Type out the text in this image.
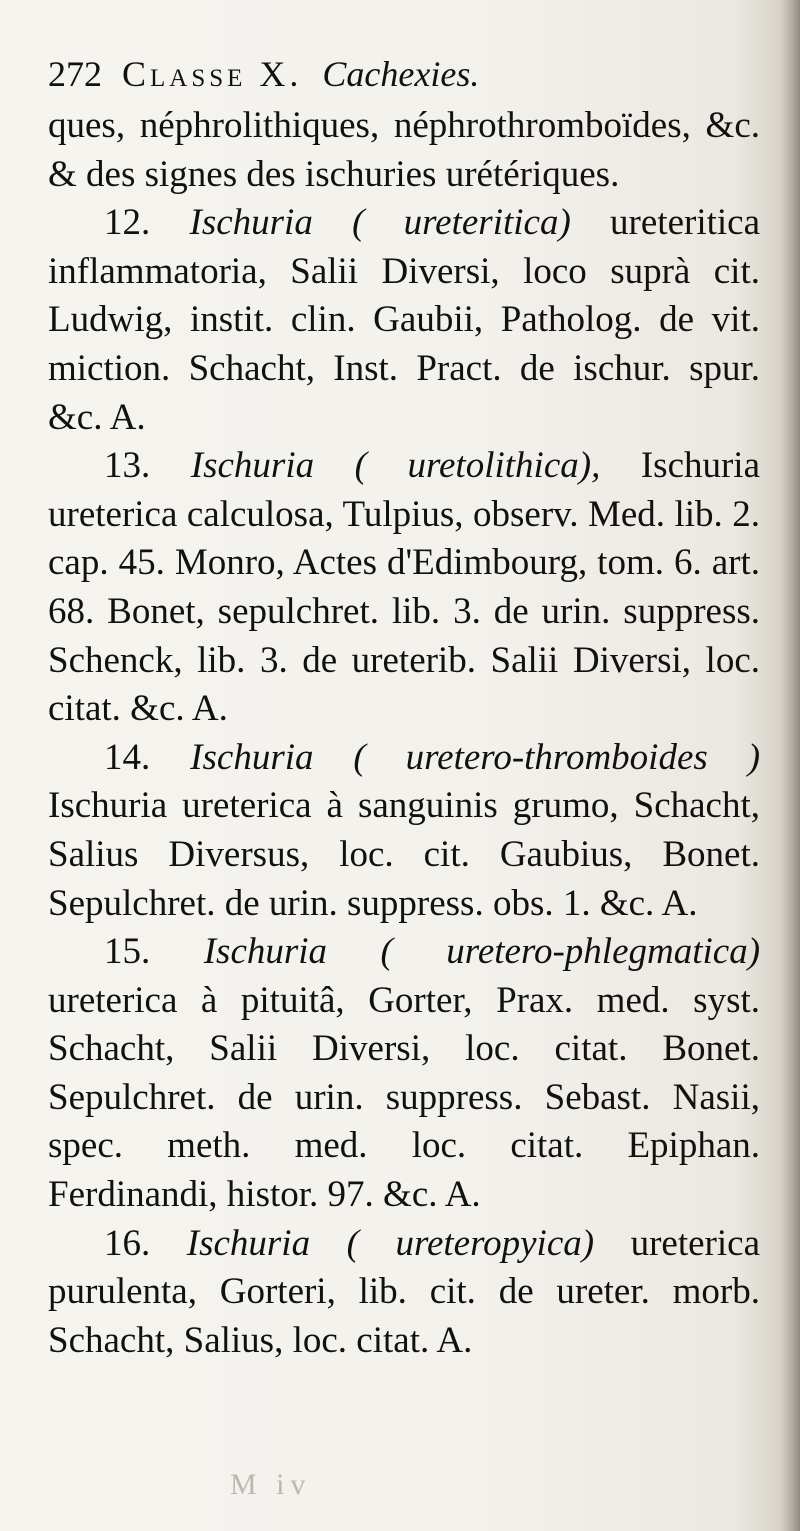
272 Classe X. Cachexies.

ques, néphrolithiques, néphrothromboïdes, &c. & des signes des ischuries urétériques.

12. Ischuria ( ureteritica) ureteritica inflammatoria, Salii Diversi, loco suprà cit. Ludwig, instit. clin. Gaubii, Patholog. de vit. miction. Schacht, Inst. Pract. de ischur. spur. &c. A.

13. Ischuria ( uretolithica), Ischuria ureterica calculosa, Tulpius, observ. Med. lib. 2. cap. 45. Monro, Actes d'Edimbourg, tom. 6. art. 68. Bonet, sepulchret. lib. 3. de urin. suppress. Schenck, lib. 3. de ureterib. Salii Diversi, loc. citat. &c. A.

14. Ischuria ( uretero-thromboides ) Ischuria ureterica à sanguinis grumo, Schacht, Salius Diversus, loc. cit. Gaubius, Bonet. Sepulchret. de urin. suppress. obs. 1. &c. A.

15. Ischuria ( uretero-phlegmatica) ureterica à pituitâ, Gorter, Prax. med. syst. Schacht, Salii Diversi, loc. citat. Bonet. Sepulchret. de urin. suppress. Sebast. Nasii, spec. meth. med. loc. citat. Epiphan. Ferdinandi, histor. 97. &c. A.

16. Ischuria ( ureteropyica) ureterica purulenta, Gorteri, lib. cit. de ureter. morb. Schacht, Salius, loc. citat. A.

M iv
